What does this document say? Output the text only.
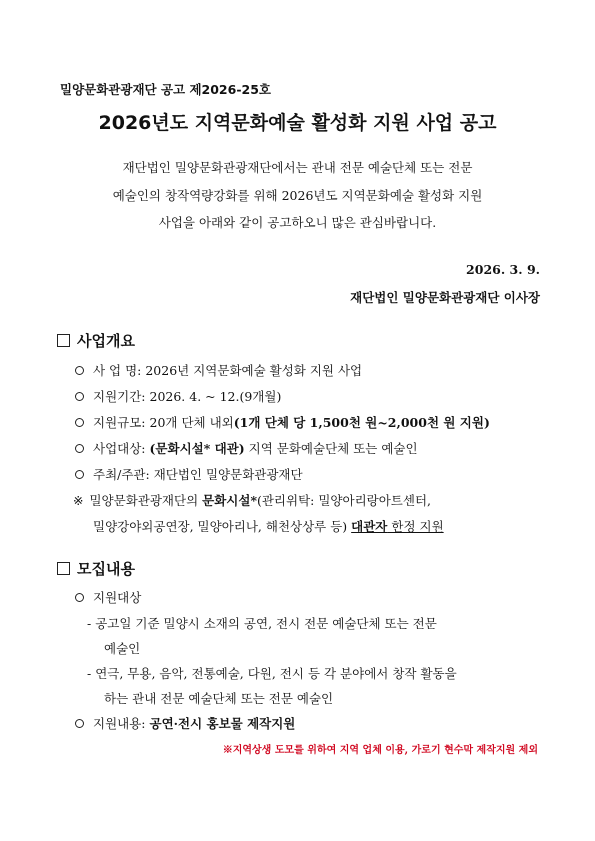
밀양문화관광재단 공고 제2026-25호
2026년도 지역문화예술 활성화 지원 사업 공고
재단법인 밀양문화관광재단에서는 관내 전문 예술단체 또는 전문
예술인의 창작역량강화를 위해 2026년도 지역문화예술 활성화 지원
사업을 아래와 같이 공고하오니 많은 관심바랍니다.
2026. 3. 9.
재단법인 밀양문화관광재단 이사장
사업개요
사 업 명: 2026년 지역문화예술 활성화 지원 사업
지원기간: 2026. 4. ~ 12.(9개월)
지원규모: 20개 단체 내외(1개 단체 당 1,500천 원~2,000천 원 지원)
사업대상: (문화시설* 대관) 지역 문화예술단체 또는 예술인
주최/주관: 재단법인 밀양문화관광재단
※ 밀양문화관광재단의 문화시설*(관리위탁: 밀양아리랑아트센터,
밀양강야외공연장, 밀양아리나, 해천상상루 등) 대관자 한정 지원
모집내용
지원대상
- 공고일 기준 밀양시 소재의 공연, 전시 전문 예술단체 또는 전문
예술인
- 연극, 무용, 음악, 전통예술, 다원, 전시 등 각 분야에서 창작 활동을
하는 관내 전문 예술단체 또는 전문 예술인
지원내용: 공연·전시 홍보물 제작지원
※지역상생 도모를 위하여 지역 업체 이용, 가로기 현수막 제작지원 제외
